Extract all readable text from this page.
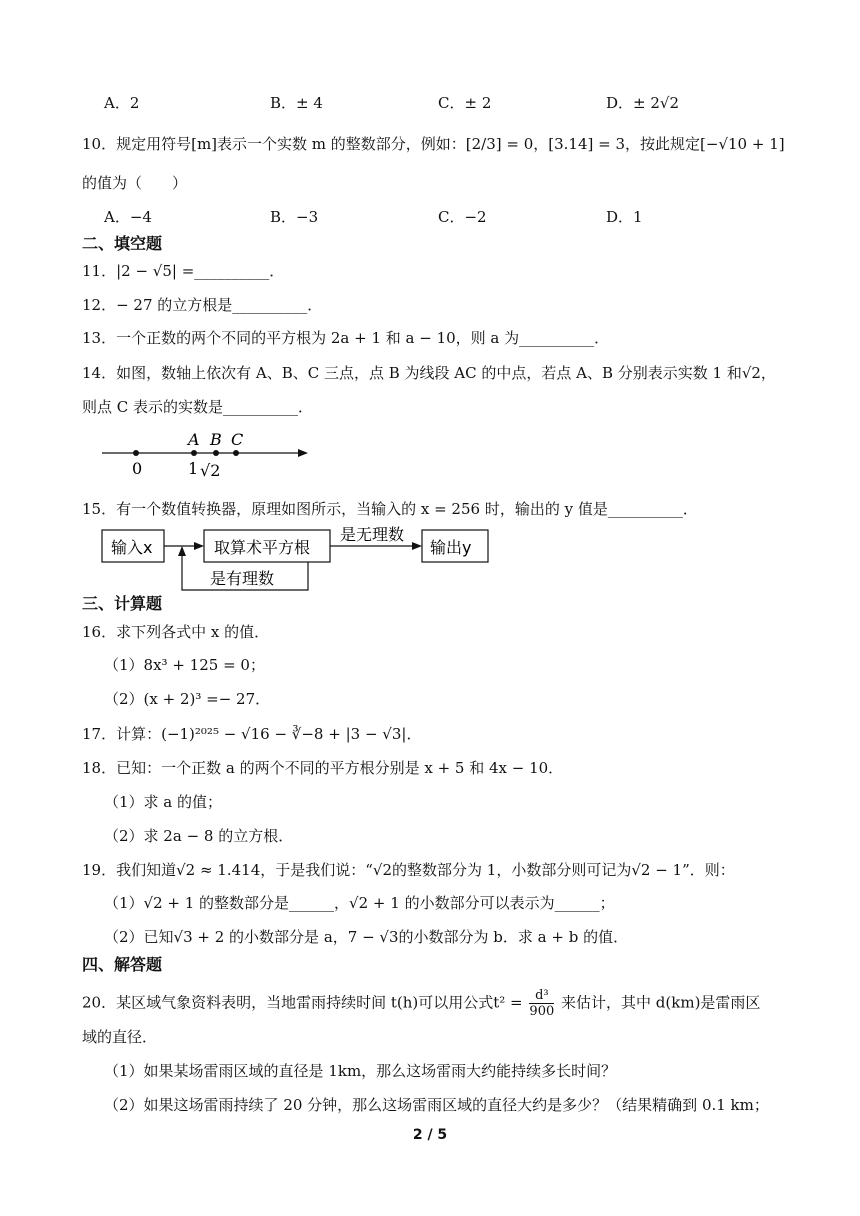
A．2	B．± 4	C．± 2	D．± 2√2
10．规定用符号[m]表示一个实数 m 的整数部分，例如：[2/3] = 0，[3.14] = 3，按此规定[−√10 + 1]
的值为（　　）
A．−4	B．−3	C．−2	D．1
二、填空题
11．|2 − √5| =__________．
12．− 27 的立方根是__________．
13．一个正数的两个不同的平方根为 2a + 1 和 a − 10，则 a 为__________．
14．如图，数轴上依次有 A、B、C 三点，点 B 为线段 AC 的中点，若点 A、B 分别表示实数 1 和√2，
则点 C 表示的实数是__________．
A B C
0	1 √2
15．有一个数值转换器，原理如图所示，当输入的 x = 256 时，输出的 y 值是__________．
输入x	取算术平方根
是无理数
输出y
是有理数
三、计算题
16．求下列各式中 x 的值．
（1）8x³ + 125 = 0；
（2）(x + 2)³ =− 27．
17．计算：(−1)²⁰²⁵ − √16 − ∛−8 + |3 − √3|．
18．已知：一个正数 a 的两个不同的平方根分别是 x + 5 和 4x − 10．
（1）求 a 的值；
（2）求 2a − 8 的立方根．
19．我们知道√2 ≈ 1.414，于是我们说：“√2的整数部分为 1，小数部分则可记为√2 − 1”．则：
（1）√2 + 1 的整数部分是______，√2 + 1 的小数部分可以表示为______；
（2）已知√3 + 2 的小数部分是 a，7 − √3的小数部分为 b．求 a + b 的值．
四、解答题
20．某区域气象资料表明，当地雷雨持续时间 t(h)可以用公式$t^2 = \frac{\text{d³}}{900}$ 来估计，其中 d(km)是雷雨区
域的直径．
（1）如果某场雷雨区域的直径是 1km，那么这场雷雨大约能持续多长时间？
（2）如果这场雷雨持续了 20 分钟，那么这场雷雨区域的直径大约是多少？（结果精确到 0.1 km；
2 / 5
